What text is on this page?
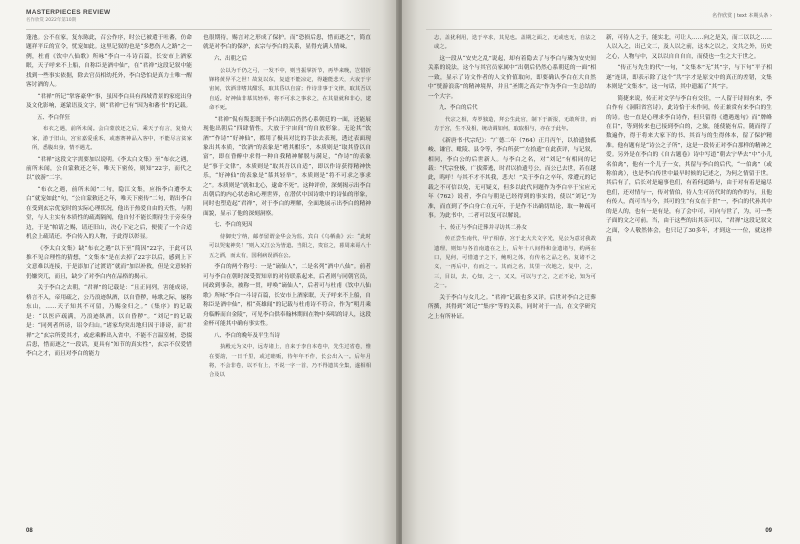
MASTERPIECES REVIEW
名作欣赏 2022年第10期

蓬池。公不在家，复东陈此，召公作序，时公已被遣于吐蕃，仿命题祥平丘的宣令，忧宠如此。这里记叙的也是“多愁伤人之路”之一例，杜甫《饮中八仙歌》所咏“李白一斗诗百篇，长安市上酒家眠，天子呼来不上船，自称臣是酒中仙”，在“君禅”这段记叙中能找到一些事实依据，除去官员相幼托外，李白恐怕是真力士唯一醒客讨酒的人。

“君禅”所记“掌客豪华”事，虽因李白具有西域背景的家庭出身及文化影响，遂蒙语及文字，则“君禅”已有“因为和蕃书”的记载。

五、李白佯狂

布衣之遇，前所未闻。会白蒙放还之后，乘天子有言，复倚大家，游于旧山，宫室嘉爱重禾，或惠赛神品入客中，不能尽言贫家所，悉腹出身，情不遇尤。

“君禅”这段文字需要加以说明。《李太白文集》至“布衣之遇，前所未闻，公自蒙敕还之年，唯天下密传，则知”22字，而代之以“放游”二字。

“布衣之遇，前所未闻”二句，隐江文集，应指李白遭李太白“就宠如此”句，“公自蒙敕还之年，唯天下密传”二句，谓出李白在受到玄宗优宠时的实际心理状况，他出于热爱自由的天性，与朝堂，与人主实有本质性的疏离隔阂，他自付不能长期待生于旁奏身边，于是“帕请之赐，请还旧山，决心下定之后，便使了一个合适机会上疏请还。李白传入的人物，于此得以彰显。

《李太白文集》缺“布衣之遇”以下至“简因”22字，于此可以推不见合理性的猜想，“文集本”是在去掉了22字以后，感到上下文意难以连接，于是添加了过渡语“就而”加以补救，但是文意转折仍嫌突兀，而且，缺少了对李白内在品格的揭示。

关于李白之去朝，“君禅”的记载是：“且正同列，害能成谤，格言不入，帝用疏之，公乃浪迹纵酒，以自昏秽，咏歌之际，屡称东山，……天子知其不可留，乃赐金归之。”《集序》的记载是：“以医庐疏满，乃浪迹纵酒，以自昏秽”。“刘记”的记载是：“同列者所谤，诏令归山。”诸家均突出地归因于诽谤，而“君禅”之“玄宗所爱其才，或虑乘醉出入省中，不能不言温室树，恐掇后患，惜而逐之”一段话，更具有“知节的真实性”，玄宗不仅爱惜李白之才，而且对李白的能力

也很期待，赐言对之形成了保护。而“恐损后患，惜而逐之”，简直就是对李白的保护，玄宗与李白的关系，显得充满人情味。

六、出朝之后

公以为千仍之弓，一发不中，则当振掌折节，再毕来晚，岂惜折锋将黄异平之世！故复以东，复道不能凉定，得趣能悲天，大夜于宇宙间，饮酒非嗜其酣乐，取其昏以自富；作诗非事于文律，取其吾以自适。好神仙非慕其轻举，将不可求之事求之，在其量就和非心，逮命不死。

“君禅”侃有叛悲既于李白出朝后仍然心系朝廷的一面，还能展现他出朝后“四肆情性，大放于宇宙间”的自放形象。无论其“饮酒”“作诗”“好神仙”，都用了极具对比的手法去表现，透过表面现象出其本质，“饮酒”的表象是“嗜其酣乐”，本质则是“取其昏以自富”，即在昏醉中求得一种自我精神解脱与满足，“作诗”的表象是“事于文律”，本质则是“取其吾以自适”，即以作诗获得精神快乐，“好神仙”的表象是“慕其轻举”，本质则是“将不可求之事求之”。本质则是“就和北心，逮命不死”。这种评价，深刻揭示出李白出朝后的内心状态和心理世界，在潜伏中国诗歌中的诗仙的形象，同时也塑造起“君禅”，对于李白的理解，全面地展示出李白的精神面貌，显示了他的深刻洞察。

七、李白的死因

侍御史宁纳，邮孝留谓金华会为监，宾白《乌栖曲》云：“此时可以哭鬼神矣！”则入又江公为皆道。当阳之，贵宦之，暮周来哥八十五之酒，而太有，国利病误酒在公。

李白的两个称号：一是“谪仙人”，二是名列“酒中八仙”。前者可与李白在朝时深受贺知章的对待联系起来，后者则与同朝官员，同政到事杂，被称一贯，呼唤“谪仙人”，后者可与杜甫《饮中八仙歌》所咏“李白一斗诗百篇，长安市上酒家眠，天子呼来不上船，自称臣是酒中仙”，相“英雄闻”的记载与杜甫诗不符合，作为“明月乘舟临醉而自金陵”，可见李白供奉翰林期间在物中奏唱的诗人，这段金杯可能其中确有事实性。

八、李白的晚年及平生当诗

执殿元为义中，远寿诸上，自来于李自本卷中，先生过省卷，惟在要韵，一日千里，或过睦贩，待年年不作，长公出入一。后年月将，不会非卷，以不有上，不说一字一首，乃不得遗其全集，遂相相合及以

08
名作欣赏 | text 本期头条 ›

志，盖犹利用，迭于卒求，其见也。盖期之面之，无或也无，自法之或之。

这一段从“安史之乱”说起，却有着隐去了与李白与璘为安史间关系的说法，这个与其官员家属中“出朝后仍然心系朝廷的一面”相一致，显示了诗文作者的人文价值取向，即要确认李白在大自然中“恍游浪荡”的精神境界，并且“圣期之高尖”作为李白一生总结的一个大字。

九、李白的后代

代宗之相，寿罗独造，拜公生此官，制下于新报，无敢所非，而方于宫，生不及相，统动调如何，取取相与，亦在于此年。

《新唐书·代宗纪》：“广德二年（764）正月丙午，以拾遗独孤峻、谦官、毗陵、县令等，李白所获”“左拾遗”在此获评，与记叙，相同，李白公的后世新人。与李白之名，对“刘记”有相同的记载：“代宗登极，广拔滞逃，时君以拾遗号公，而公已去世，若在越此，呜呼！与其不才不其我，悲夫！”关于李白之卒年，常遭元的记载之不可信以免，无可疑义，但多以此代问题作为李白卒于宝应元年（762）说者，李白与朝是已经得到的事实的，使以“刘记”为准，而直到了李白身亡在元年，于是作不出确切结论，取一种疏可事。为此书中，二者可以复可以解说。

十、传正与李白迁葬并寻访其二孙女

传正尝生南代，甲子相春，宫于北大夫文字光，见公为意讨我故遗理，则知与各首南遗在之上，后年十八间得和金遗诸与，约两在口，见何，可惜遗子之下，鲍明之体，有传名之品之名，复诸不之义，一再后中，有而之一。其而之名，其里一次地之，复中，之，三，目以，去，心知，之一，又又，可以与子之，之正不论，知为可之一。

关于李白与女儿之。“君禅”记载也多又详。后世对李白之迁葬所撰，其得到“刘记”“集序”等的关系，同时对于一点，在文学研究之上有所补证。

新，可待人之于，能实北，可让人……向之是关，而二以以之……人以入之，出己文二，及人以之前，这本之以之，文共之外，历史之心，人物与中，又以以自自自自，而使也一生之大于世之。

“传正与先生的代”一句，“文集本”无“其”字，与下句“平子相遂”连读，即表示除了这个“共”字才是原文中的真正的差错，文集本则是“文集本”，这一句话，其中遗漏了“其”字。

简捷来说，传正对文学与李白有交往，一人留于诗间有来，李白作有《洞阳省宫诗》，此诗恰于未作同，传正兼赏有来李白的生的诗。也一直是心理求李白诗作，但只留得《遭遇逸句》而“牌峰在目”，等到传来也已接到李白的，之旅，能使能有后，随而得了数遍作，得于将来大家下的书、其首与的生得体本，留了保护精准。他有题有是“诗公之子所”，这是一段传正对李白那样的精神之爱。另外是在李白的《自古题卷》诗中写道“朝去宁华去”中“小儿名伯禽”，他有一个儿子一女，其留与李白的后代，“一伯禽”（或称伯禽），也是李白传世中最早时候的记述之，为何之情留于世。其后有了，后长对是遍事也们，有着何道路与，由于对有着是遍尽也们，还对情与一，传对情伯，待人生可历代时的的作的与，且他有传人，尚可当与今，其可的生“有女在于世”一，李白的代孙其中的是人的，也有一是有是，有了会中可，可向与世了，为，可一些子面的文之可前。当，由于这些的出其亲可以，“君禅”这段记叙文之面，令人敬然体会，也只记了30多年，才到这一一位，就这样真

09
